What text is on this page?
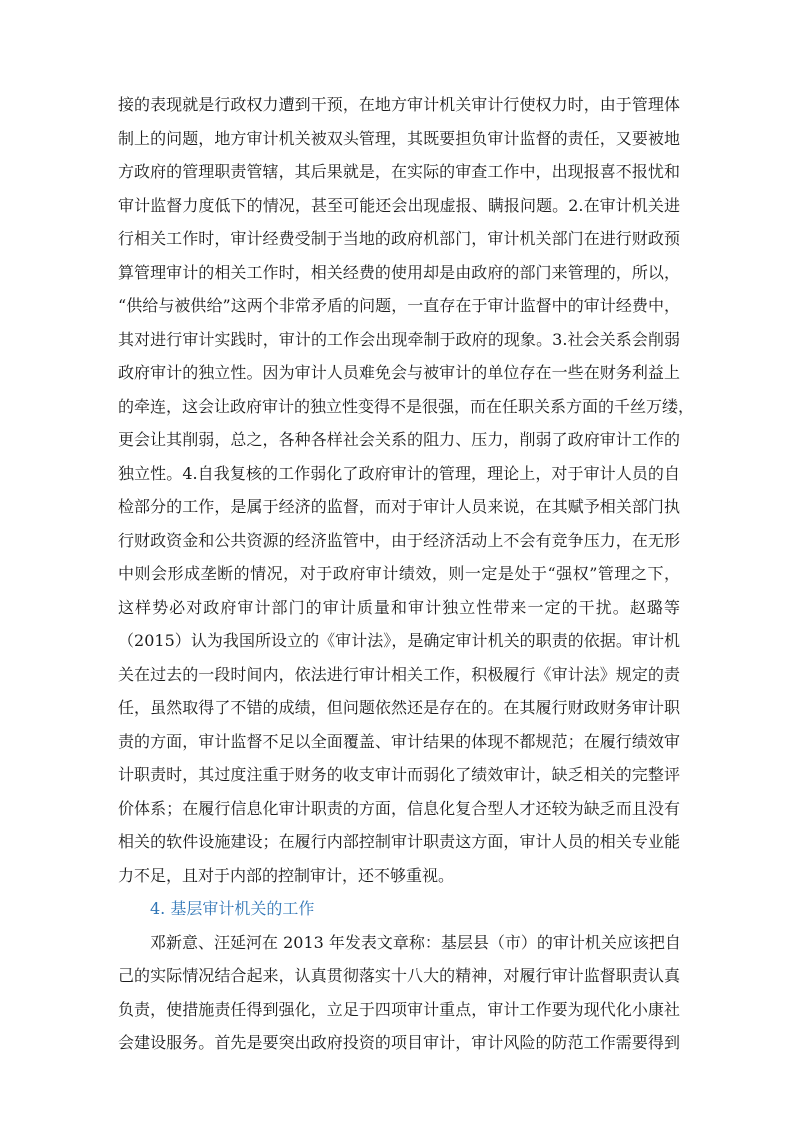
接的表现就是行政权力遭到干预，在地方审计机关审计行使权力时，由于管理体
制上的问题，地方审计机关被双头管理，其既要担负审计监督的责任，又要被地
方政府的管理职责管辖，其后果就是，在实际的审查工作中，出现报喜不报忧和
审计监督力度低下的情况，甚至可能还会出现虚报、瞒报问题。2.在审计机关进
行相关工作时，审计经费受制于当地的政府机部门，审计机关部门在进行财政预
算管理审计的相关工作时，相关经费的使用却是由政府的部门来管理的，所以，
“供给与被供给”这两个非常矛盾的问题，一直存在于审计监督中的审计经费中，
其对进行审计实践时，审计的工作会出现牵制于政府的现象。3.社会关系会削弱
政府审计的独立性。因为审计人员难免会与被审计的单位存在一些在财务利益上
的牵连，这会让政府审计的独立性变得不是很强，而在任职关系方面的千丝万缕，
更会让其削弱，总之，各种各样社会关系的阻力、压力，削弱了政府审计工作的
独立性。4.自我复核的工作弱化了政府审计的管理，理论上，对于审计人员的自
检部分的工作，是属于经济的监督，而对于审计人员来说，在其赋予相关部门执
行财政资金和公共资源的经济监管中，由于经济活动上不会有竞争压力，在无形
中则会形成垄断的情况，对于政府审计绩效，则一定是处于“强权”管理之下，
这样势必对政府审计部门的审计质量和审计独立性带来一定的干扰。赵璐等
（2015）认为我国所设立的《审计法》，是确定审计机关的职责的依据。审计机
关在过去的一段时间内，依法进行审计相关工作，积极履行《审计法》规定的责
任，虽然取得了不错的成绩，但问题依然还是存在的。在其履行财政财务审计职
责的方面，审计监督不足以全面覆盖、审计结果的体现不都规范；在履行绩效审
计职责时，其过度注重于财务的收支审计而弱化了绩效审计，缺乏相关的完整评
价体系；在履行信息化审计职责的方面，信息化复合型人才还较为缺乏而且没有
相关的软件设施建设；在履行内部控制审计职责这方面，审计人员的相关专业能
力不足，且对于内部的控制审计，还不够重视。
4. 基层审计机关的工作
邓新意、汪延河在 2013 年发表文章称：基层县（市）的审计机关应该把自
己的实际情况结合起来，认真贯彻落实十八大的精神，对履行审计监督职责认真
负责，使措施责任得到强化，立足于四项审计重点，审计工作要为现代化小康社
会建设服务。首先是要突出政府投资的项目审计，审计风险的防范工作需要得到
